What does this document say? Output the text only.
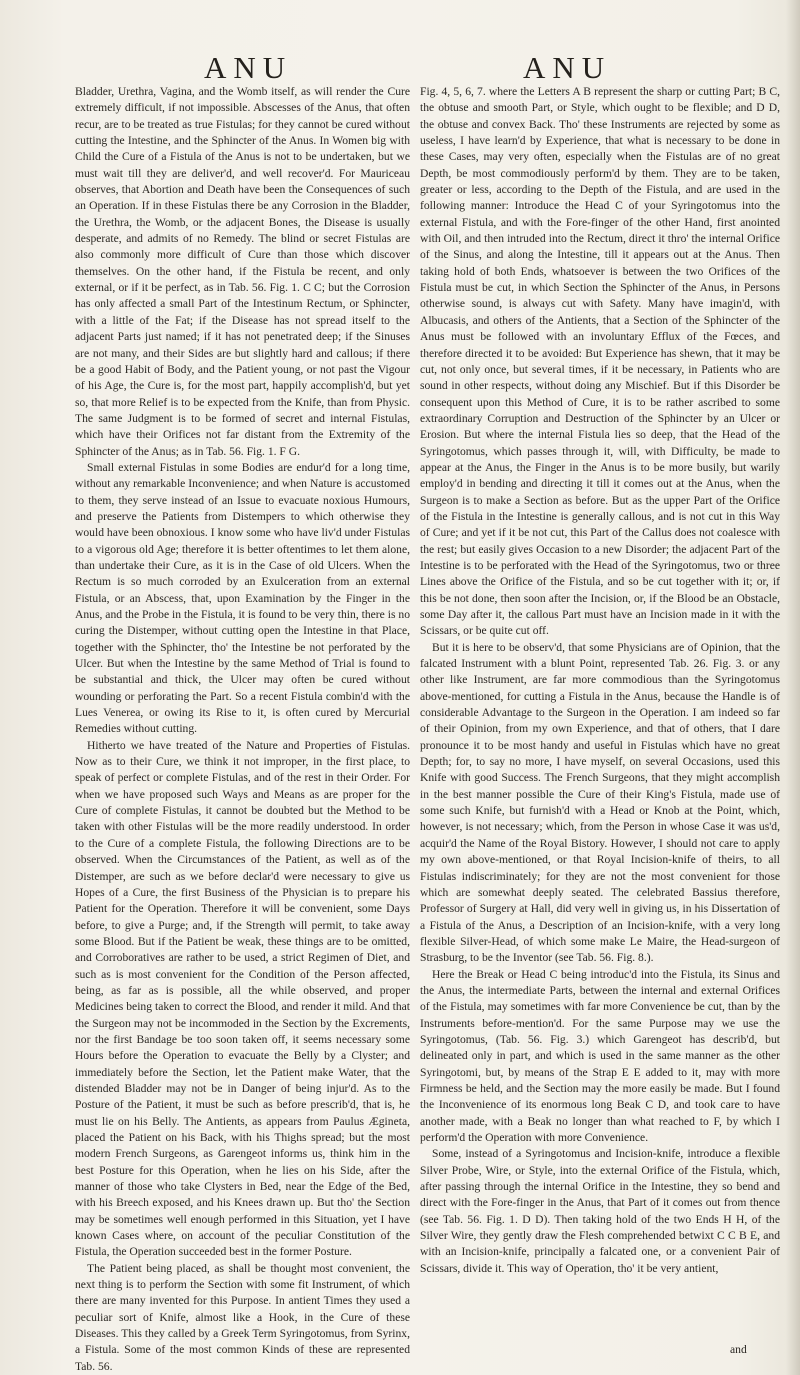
ANU	ANU

Bladder, Urethra, Vagina, and the Womb itself, as will render the Cure extremely difficult, if not impossible. Abscesses of the Anus, that often recur, are to be treated as true Fistulas; for they cannot be cured without cutting the Intestine, and the Sphincter of the Anus. In Women big with Child the Cure of a Fistula of the Anus is not to be undertaken, but we must wait till they are deliver'd, and well recover'd. For Mauriceau observes, that Abortion and Death have been the Consequences of such an Operation. If in these Fistulas there be any Corrosion in the Bladder, the Urethra, the Womb, or the adjacent Bones, the Disease is usually desperate, and admits of no Remedy. The blind or secret Fistulas are also commonly more difficult of Cure than those which discover themselves. On the other hand, if the Fistula be recent, and only external, or if it be perfect, as in Tab. 56. Fig. 1. C C; but the Corrosion has only affected a small Part of the Intestinum Rectum, or Sphincter, with a little of the Fat; if the Disease has not spread itself to the adjacent Parts just named; if it has not penetrated deep; if the Sinuses are not many, and their Sides are but slightly hard and callous; if there be a good Habit of Body, and the Patient young, or not past the Vigour of his Age, the Cure is, for the most part, happily accomplish'd, but yet so, that more Relief is to be expected from the Knife, than from Physic. The same Judgment is to be formed of secret and internal Fistulas, which have their Orifices not far distant from the Extremity of the Sphincter of the Anus; as in Tab. 56. Fig. 1. F G.

Small external Fistulas in some Bodies are endur'd for a long time, without any remarkable Inconvenience; and when Nature is accustomed to them, they serve instead of an Issue to evacuate noxious Humours, and preserve the Patients from Distempers to which otherwise they would have been obnoxious. I know some who have liv'd under Fistulas to a vigorous old Age; therefore it is better oftentimes to let them alone, than undertake their Cure, as it is in the Case of old Ulcers. When the Rectum is so much corroded by an Exulceration from an external Fistula, or an Abscess, that, upon Examination by the Finger in the Anus, and the Probe in the Fistula, it is found to be very thin, there is no curing the Distemper, without cutting open the Intestine in that Place, together with the Sphincter, tho' the Intestine be not perforated by the Ulcer. But when the Intestine by the same Method of Trial is found to be substantial and thick, the Ulcer may often be cured without wounding or perforating the Part. So a recent Fistula combin'd with the Lues Venerea, or owing its Rise to it, is often cured by Mercurial Remedies without cutting.

Hitherto we have treated of the Nature and Properties of Fistulas. Now as to their Cure, we think it not improper, in the first place, to speak of perfect or complete Fistulas, and of the rest in their Order. For when we have proposed such Ways and Means as are proper for the Cure of complete Fistulas, it cannot be doubted but the Method to be taken with other Fistulas will be the more readily understood. In order to the Cure of a complete Fistula, the following Directions are to be observed. When the Circumstances of the Patient, as well as of the Distemper, are such as we before declar'd were necessary to give us Hopes of a Cure, the first Business of the Physician is to prepare his Patient for the Operation. Therefore it will be convenient, some Days before, to give a Purge; and, if the Strength will permit, to take away some Blood. But if the Patient be weak, these things are to be omitted, and Corroboratives are rather to be used, a strict Regimen of Diet, and such as is most convenient for the Condition of the Person affected, being, as far as is possible, all the while observed, and proper Medicines being taken to correct the Blood, and render it mild. And that the Surgeon may not be incommoded in the Section by the Excrements, nor the first Bandage be too soon taken off, it seems necessary some Hours before the Operation to evacuate the Belly by a Clyster; and immediately before the Section, let the Patient make Water, that the distended Bladder may not be in Danger of being injur'd. As to the Posture of the Patient, it must be such as before prescrib'd, that is, he must lie on his Belly. The Antients, as appears from Paulus Ægineta, placed the Patient on his Back, with his Thighs spread; but the most modern French Surgeons, as Garengeot informs us, think him in the best Posture for this Operation, when he lies on his Side, after the manner of those who take Clysters in Bed, near the Edge of the Bed, with his Breech exposed, and his Knees drawn up. But tho' the Section may be sometimes well enough performed in this Situation, yet I have known Cases where, on account of the peculiar Constitution of the Fistula, the Operation succeeded best in the former Posture.

The Patient being placed, as shall be thought most convenient, the next thing is to perform the Section with some fit Instrument, of which there are many invented for this Purpose. In antient Times they used a peculiar sort of Knife, almost like a Hook, in the Cure of these Diseases. This they called by a Greek Term Syringotomus, from Syrinx, a Fistula. Some of the most common Kinds of these are represented Tab. 56.

Fig. 4, 5, 6, 7. where the Letters A B represent the sharp or cutting Part; B C, the obtuse and smooth Part, or Style, which ought to be flexible; and D D, the obtuse and convex Back. Tho' these Instruments are rejected by some as useless, I have learn'd by Experience, that what is necessary to be done in these Cases, may very often, especially when the Fistulas are of no great Depth, be most commodiously perform'd by them. They are to be taken, greater or less, according to the Depth of the Fistula, and are used in the following manner: Introduce the Head C of your Syringotomus into the external Fistula, and with the Fore-finger of the other Hand, first anointed with Oil, and then intruded into the Rectum, direct it thro' the internal Orifice of the Sinus, and along the Intestine, till it appears out at the Anus. Then taking hold of both Ends, whatsoever is between the two Orifices of the Fistula must be cut, in which Section the Sphincter of the Anus, in Persons otherwise sound, is always cut with Safety. Many have imagin'd, with Albucasis, and others of the Antients, that a Section of the Sphincter of the Anus must be followed with an involuntary Efflux of the Fœces, and therefore directed it to be avoided: But Experience has shewn, that it may be cut, not only once, but several times, if it be necessary, in Patients who are sound in other respects, without doing any Mischief. But if this Disorder be consequent upon this Method of Cure, it is to be rather ascribed to some extraordinary Corruption and Destruction of the Sphincter by an Ulcer or Erosion. But where the internal Fistula lies so deep, that the Head of the Syringotomus, which passes through it, will, with Difficulty, be made to appear at the Anus, the Finger in the Anus is to be more busily, but warily employ'd in bending and directing it till it comes out at the Anus, when the Surgeon is to make a Section as before. But as the upper Part of the Orifice of the Fistula in the Intestine is generally callous, and is not cut in this Way of Cure; and yet if it be not cut, this Part of the Callus does not coalesce with the rest; but easily gives Occasion to a new Disorder; the adjacent Part of the Intestine is to be perforated with the Head of the Syringotomus, two or three Lines above the Orifice of the Fistula, and so be cut together with it; or, if this be not done, then soon after the Incision, or, if the Blood be an Obstacle, some Day after it, the callous Part must have an Incision made in it with the Scissars, or be quite cut off.

But it is here to be observ'd, that some Physicians are of Opinion, that the falcated Instrument with a blunt Point, represented Tab. 26. Fig. 3. or any other like Instrument, are far more commodious than the Syringotomus above-mentioned, for cutting a Fistula in the Anus, because the Handle is of considerable Advantage to the Surgeon in the Operation. I am indeed so far of their Opinion, from my own Experience, and that of others, that I dare pronounce it to be most handy and useful in Fistulas which have no great Depth; for, to say no more, I have myself, on several Occasions, used this Knife with good Success. The French Surgeons, that they might accomplish in the best manner possible the Cure of their King's Fistula, made use of some such Knife, but furnish'd with a Head or Knob at the Point, which, however, is not necessary; which, from the Person in whose Case it was us'd, acquir'd the Name of the Royal Bistory. However, I should not care to apply my own above-mentioned, or that Royal Incision-knife of theirs, to all Fistulas indiscriminately; for they are not the most convenient for those which are somewhat deeply seated. The celebrated Bassius therefore, Professor of Surgery at Hall, did very well in giving us, in his Dissertation of a Fistula of the Anus, a Description of an Incision-knife, with a very long flexible Silver-Head, of which some make Le Maire, the Head-surgeon of Strasburg, to be the Inventor (see Tab. 56. Fig. 8.).

Here the Break or Head C being introduc'd into the Fistula, its Sinus and the Anus, the intermediate Parts, between the internal and external Orifices of the Fistula, may sometimes with far more Convenience be cut, than by the Instruments before-mention'd. For the same Purpose may we use the Syringotomus, (Tab. 56. Fig. 3.) which Garengeot has describ'd, but delineated only in part, and which is used in the same manner as the other Syringotomi, but, by means of the Strap E E added to it, may with more Firmness be held, and the Section may the more easily be made. But I found the Inconvenience of its enormous long Beak C D, and took care to have another made, with a Beak no longer than what reached to F, by which I perform'd the Operation with more Convenience.

Some, instead of a Syringotomus and Incision-knife, introduce a flexible Silver Probe, Wire, or Style, into the external Orifice of the Fistula, which, after passing through the internal Orifice in the Intestine, they so bend and direct with the Fore-finger in the Anus, that Part of it comes out from thence (see Tab. 56. Fig. 1. D D). Then taking hold of the two Ends H H, of the Silver Wire, they gently draw the Flesh comprehended betwixt C C B E, and with an Incision-knife, principally a falcated one, or a convenient Pair of Scissars, divide it. This way of Operation, tho' it be very antient,

and
